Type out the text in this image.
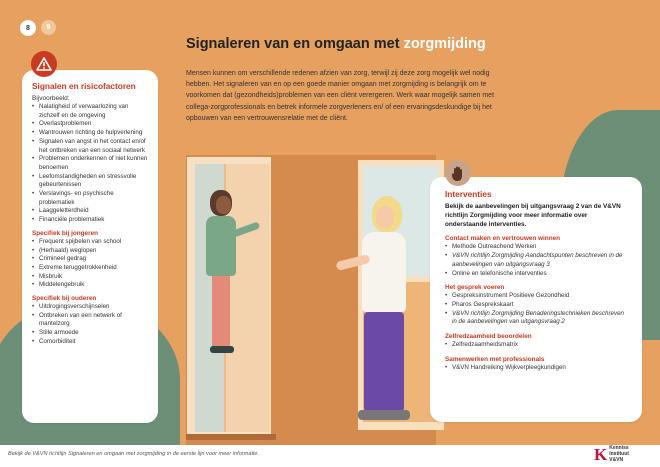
8	9
Signaleren van en omgaan met zorgmijding
Mensen kunnen om verschillende redenen afzien van zorg, terwijl zij deze zorg mogelijk wel nodig hebben. Het signaleren van en op een goede manier omgaan met zorgmijding is belangrijk om te voorkomen dat (gezondheids)problemen van een cliënt verergeren. Werk waar mogelijk samen met collega-zorgprofessionals en betrek informele zorgverleners en/ of een ervaringsdeskundige bij het opbouwen van een vertrouwensrelatie met de cliënt.
Signalen en risicofactoren
Bijvoorbeeld:
• Nalatigheid of verwaarlozing van zichzelf en de omgeving
• Overlastproblemen
• Wantrouwen richting de hulpverlening
• Signalen van angst in het contact en/of het ontbreken van een sociaal netwerk
• Problemen onderkennen of niet kunnen benoemen
• Leefomstandigheden en stressvolle gebeurtenissen
• Verslavings- en psychische problematiek
• Laaggeletterdheid
• Financiële problematiek
Specifiek bij jongeren
• Frequent spijbelen van school
• (Herhaald) weglopen
• Crimineel gedrag
• Extreme teruggetrokkenheid
• Misbruik
• Middelengebruik
Specifiek bij ouderen
• Uitdrogingsverschijnselen
• Ontbreken van een netwerk of mantelzorg
• Stille armoede
• Comorbiditeit
Interventies
Bekijk de aanbevelingen bij uitgangsvraag 2 van de V&VN richtlijn Zorgmijding voor meer informatie over onderstaande interventies.
Contact maken en vertrouwen winnen
• Methode Outreachend Werken
• V&VN richtlijn Zorgmijding Aandachtspunten beschreven in de aanbevelingen van uitgangsvraag 3
• Online en telefonische interventies
Het gesprek voeren
• Gespreksinstrument Positieve Gezondheid
• Pharos Gesprekskaart
• V&VN richtlijn Zorgmijding Benaderingstechnieken beschreven in de aanbevelingen van uitgangsvraag 2
Zelfredzaamheid beoordelen
• Zelfredzaamheidsmatrix
Samenwerken met professionals
• V&VN Handreiking Wijkverpleegkundigen
Bekijk de V&VN richtlijn Signaleren en omgaan met zorgmijding in de eerste lijn voor meer informatie.	K Kenniss
Instituut
V&VN
